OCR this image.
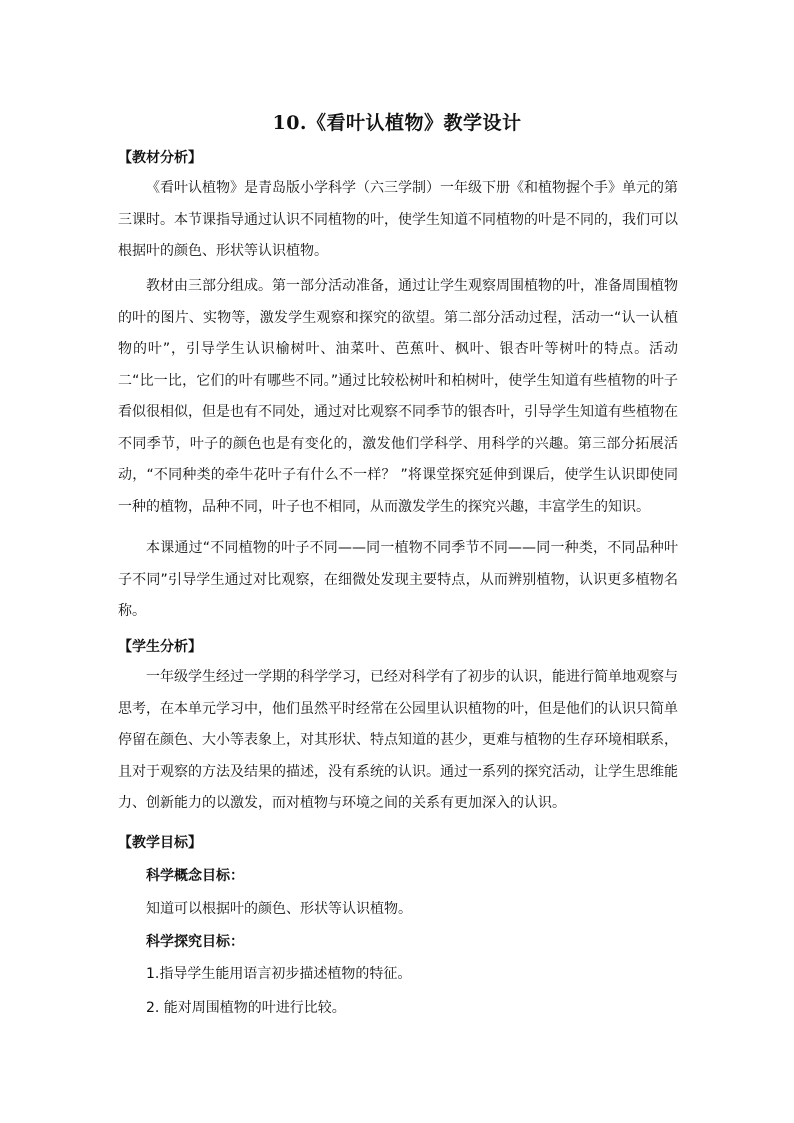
10.《看叶认植物》教学设计
【教材分析】

《看叶认植物》是青岛版小学科学（六三学制）一年级下册《和植物握个手》单元的第三课时。本节课指导通过认识不同植物的叶，使学生知道不同植物的叶是不同的，我们可以根据叶的颜色、形状等认识植物。

教材由三部分组成。第一部分活动准备，通过让学生观察周围植物的叶，准备周围植物的叶的图片、实物等，激发学生观察和探究的欲望。第二部分活动过程，活动一“认一认植物的叶”，引导学生认识榆树叶、油菜叶、芭蕉叶、枫叶、银杏叶等树叶的特点。活动二“比一比，它们的叶有哪些不同。”通过比较松树叶和柏树叶，使学生知道有些植物的叶子看似很相似，但是也有不同处，通过对比观察不同季节的银杏叶，引导学生知道有些植物在不同季节，叶子的颜色也是有变化的，激发他们学科学、用科学的兴趣。第三部分拓展活动，“不同种类的牵牛花叶子有什么不一样？ ”将课堂探究延伸到课后，使学生认识即使同一种的植物，品种不同，叶子也不相同，从而激发学生的探究兴趣，丰富学生的知识。

本课通过“不同植物的叶子不同——同一植物不同季节不同——同一种类，不同品种叶子不同”引导学生通过对比观察，在细微处发现主要特点，从而辨别植物，认识更多植物名称。

【学生分析】

一年级学生经过一学期的科学学习，已经对科学有了初步的认识，能进行简单地观察与思考，在本单元学习中，他们虽然平时经常在公园里认识植物的叶，但是他们的认识只简单停留在颜色、大小等表象上，对其形状、特点知道的甚少，更难与植物的生存环境相联系，且对于观察的方法及结果的描述，没有系统的认识。通过一系列的探究活动，让学生思维能力、创新能力的以激发，而对植物与环境之间的关系有更加深入的认识。

【教学目标】
科学概念目标：
知道可以根据叶的颜色、形状等认识植物。
科学探究目标：
1.指导学生能用语言初步描述植物的特征。
2. 能对周围植物的叶进行比较。
